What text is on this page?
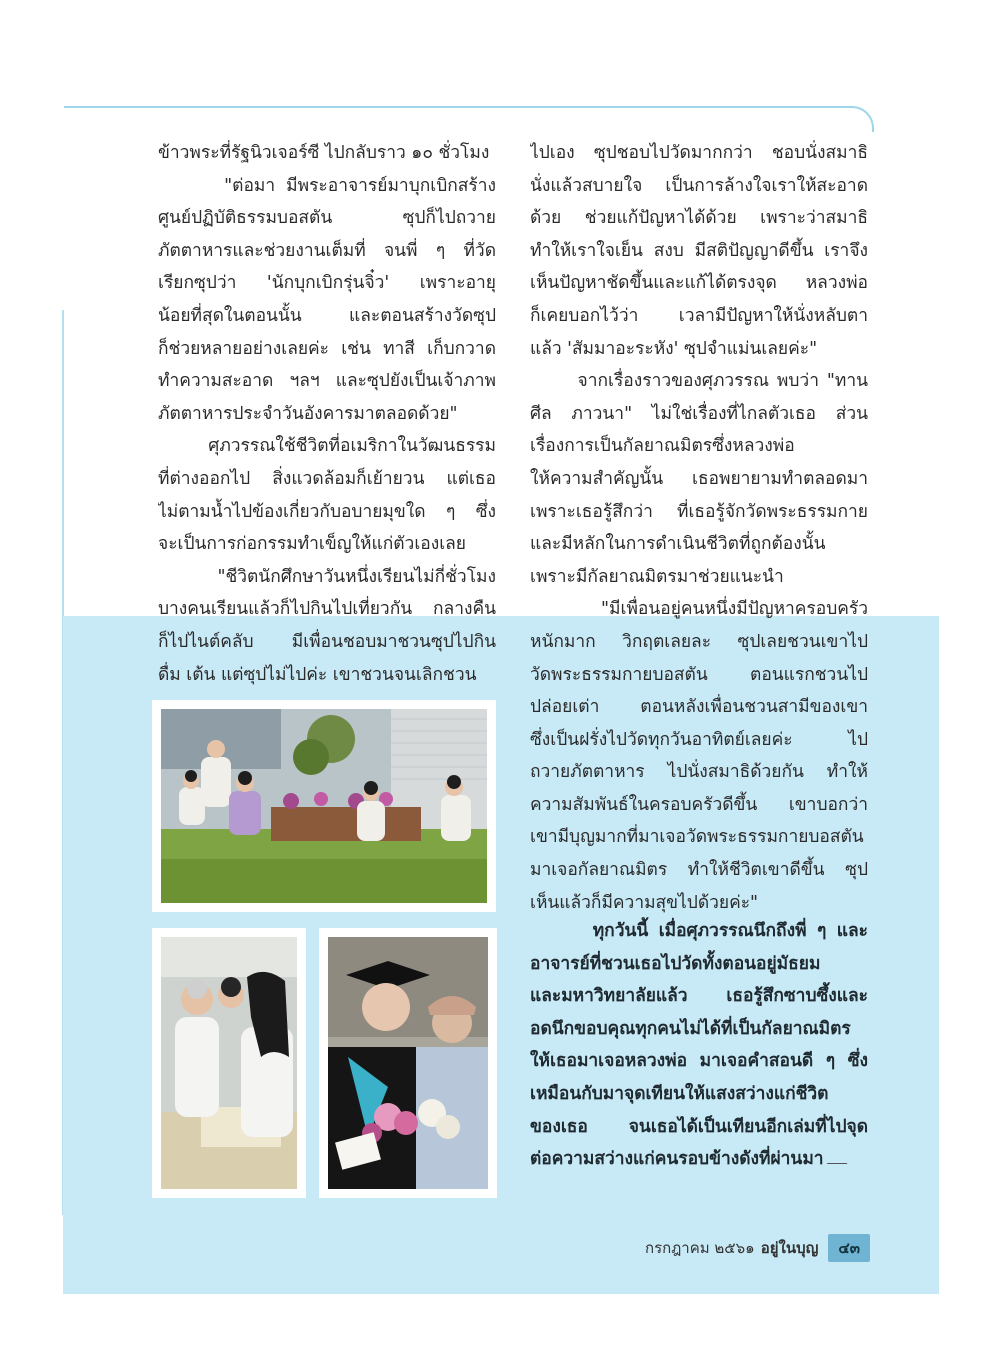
ข้าวพระที่รัฐนิวเจอร์ซี ไปกลับราว ๑๐ ชั่วโมง

"ต่อมา มีพระอาจารย์มาบุกเบิกสร้าง

ศูนย์ปฏิบัติธรรมบอสตัน ซุปก็ไปถวาย

ภัตตาหารและช่วยงานเต็มที่ จนพี่ ๆ ที่วัด

เรียกซุปว่า 'นักบุกเบิกรุ่นจิ๋ว' เพราะอายุ

น้อยที่สุดในตอนนั้น และตอนสร้างวัดซุป

ก็ช่วยหลายอย่างเลยค่ะ เช่น ทาสี เก็บกวาด

ทำความสะอาด ฯลฯ และซุปยังเป็นเจ้าภาพ

ภัตตาหารประจำวันอังคารมาตลอดด้วย"

ศุภวรรณใช้ชีวิตที่อเมริกาในวัฒนธรรม

ที่ต่างออกไป สิ่งแวดล้อมก็เย้ายวน แต่เธอ

ไม่ตามน้ำไปข้องเกี่ยวกับอบายมุขใด ๆ ซึ่ง

จะเป็นการก่อกรรมทำเข็ญให้แก่ตัวเองเลย

"ชีวิตนักศึกษาวันหนึ่งเรียนไม่กี่ชั่วโมง

บางคนเรียนแล้วก็ไปกินไปเที่ยวกัน กลางคืน

ก็ไปไนต์คลับ มีเพื่อนชอบมาชวนซุปไปกิน

ดื่ม เต้น แต่ซุปไม่ไปค่ะ เขาชวนจนเลิกชวน

ไปเอง ซุปชอบไปวัดมากกว่า ชอบนั่งสมาธิ

นั่งแล้วสบายใจ เป็นการล้างใจเราให้สะอาด

ด้วย ช่วยแก้ปัญหาได้ด้วย เพราะว่าสมาธิ

ทำให้เราใจเย็น สงบ มีสติปัญญาดีขึ้น เราจึง

เห็นปัญหาชัดขึ้นและแก้ได้ตรงจุด หลวงพ่อ

ก็เคยบอกไว้ว่า เวลามีปัญหาให้นั่งหลับตา

แล้ว 'สัมมาอะระหัง' ซุปจำแม่นเลยค่ะ"

จากเรื่องราวของศุภวรรณ พบว่า "ทาน

ศีล ภาวนา" ไม่ใช่เรื่องที่ไกลตัวเธอ ส่วน

เรื่องการเป็นกัลยาณมิตรซึ่งหลวงพ่อ

ให้ความสำคัญนั้น เธอพยายามทำตลอดมา

เพราะเธอรู้สึกว่า ที่เธอรู้จักวัดพระธรรมกาย

และมีหลักในการดำเนินชีวิตที่ถูกต้องนั้น

เพราะมีกัลยาณมิตรมาช่วยแนะนำ

"มีเพื่อนอยู่คนหนึ่งมีปัญหาครอบครัว

หนักมาก วิกฤตเลยละ ซุปเลยชวนเขาไป

วัดพระธรรมกายบอสตัน ตอนแรกชวนไป

ปล่อยเต่า ตอนหลังเพื่อนชวนสามีของเขา

ซึ่งเป็นฝรั่งไปวัดทุกวันอาทิตย์เลยค่ะ ไป

ถวายภัตตาหาร ไปนั่งสมาธิด้วยกัน ทำให้

ความสัมพันธ์ในครอบครัวดีขึ้น เขาบอกว่า

เขามีบุญมากที่มาเจอวัดพระธรรมกายบอสตัน

มาเจอกัลยาณมิตร ทำให้ชีวิตเขาดีขึ้น ซุป

เห็นแล้วก็มีความสุขไปด้วยค่ะ"

ทุกวันนี้ เมื่อศุภวรรณนึกถึงพี่ ๆ และ

อาจารย์ที่ชวนเธอไปวัดทั้งตอนอยู่มัธยม

และมหาวิทยาลัยแล้ว เธอรู้สึกซาบซึ้งและ

อดนึกขอบคุณทุกคนไม่ได้ที่เป็นกัลยาณมิตร

ให้เธอมาเจอหลวงพ่อ มาเจอคำสอนดี ๆ ซึ่ง

เหมือนกับมาจุดเทียนให้แสงสว่างแก่ชีวิต

ของเธอ จนเธอได้เป็นเทียนอีกเล่มที่ไปจุด

ต่อความสว่างแก่คนรอบข้างดังที่ผ่านมา

กรกฎาคม ๒๕๖๑ อยู่ในบุญ	๔๓
